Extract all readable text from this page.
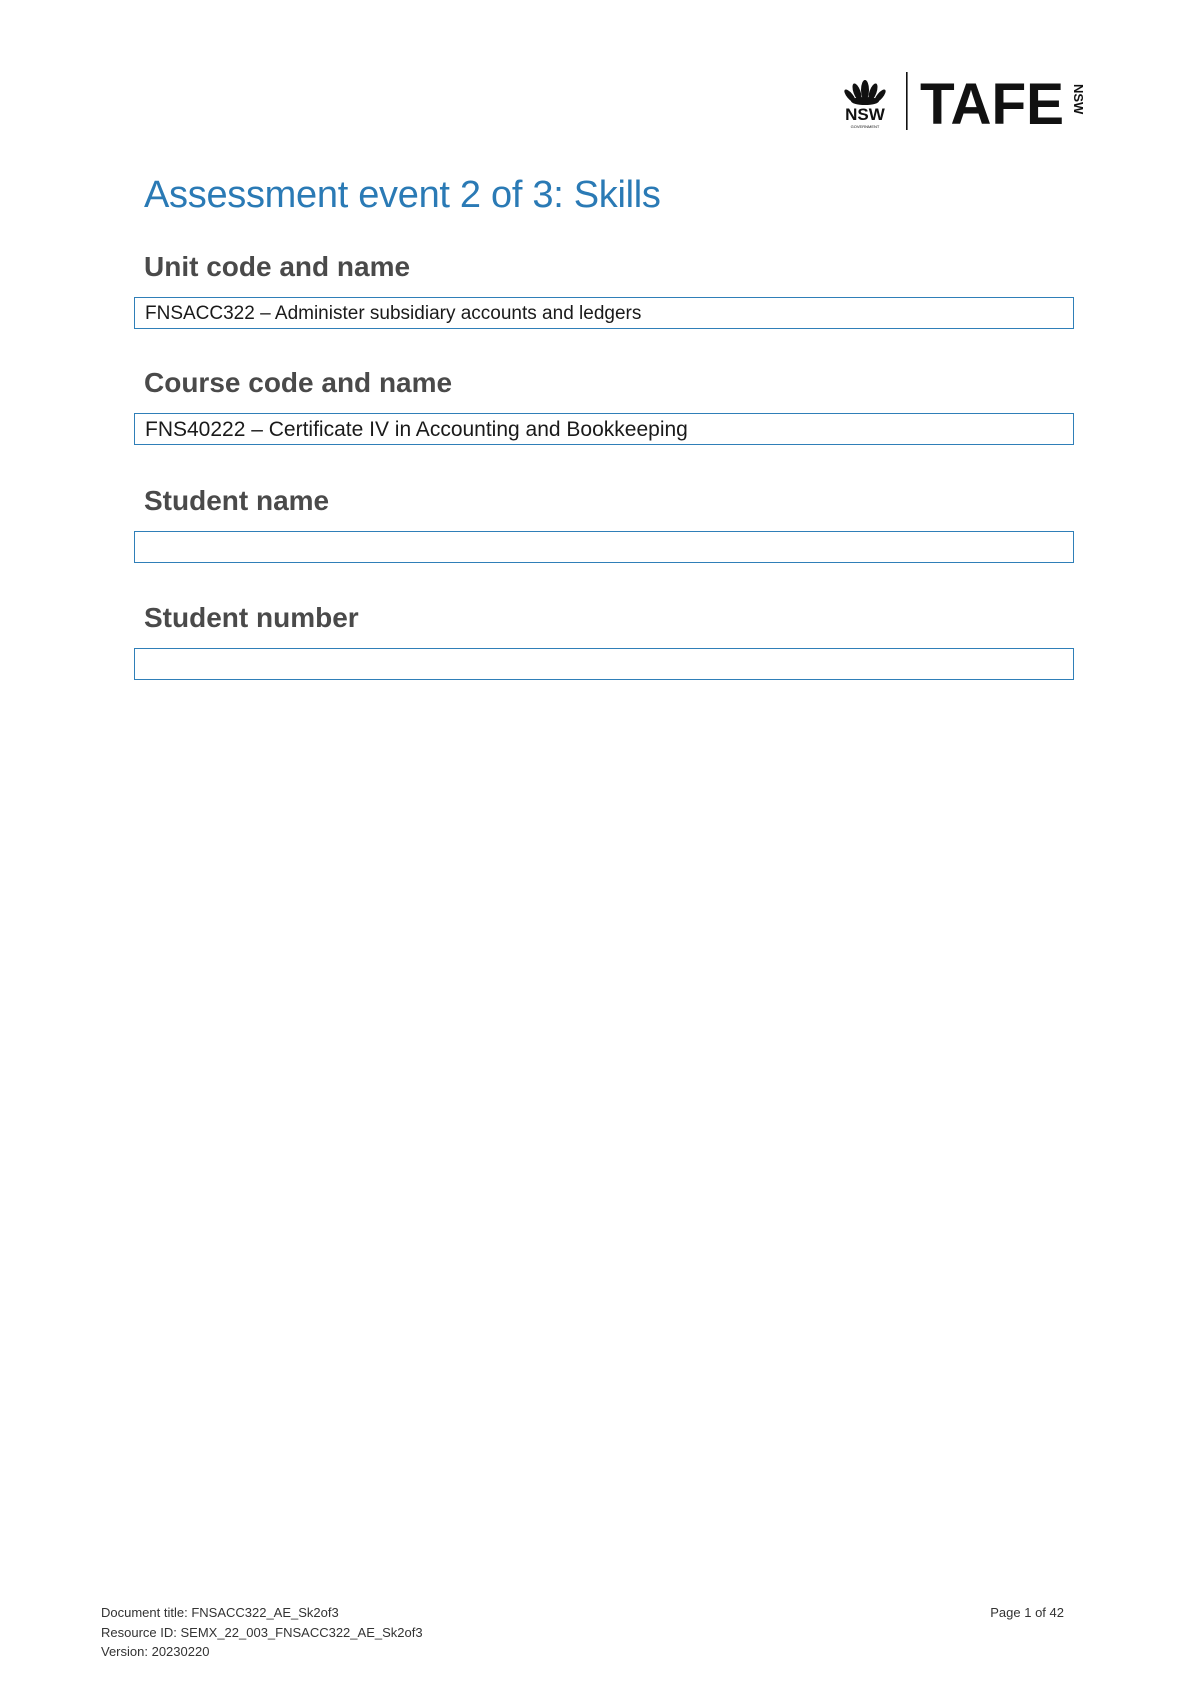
NSW
GOVERNMENT TAFE NSW
Assessment event 2 of 3: Skills
Unit code and name
FNSACC322 – Administer subsidiary accounts and ledgers
Course code and name
FNS40222 – Certificate IV in Accounting and Bookkeeping
Student name
Student number
Document title: FNSACC322_AE_Sk2of3
Resource ID: SEMX_22_003_FNSACC322_AE_Sk2of3
Version: 20230220
Page 1 of 42
